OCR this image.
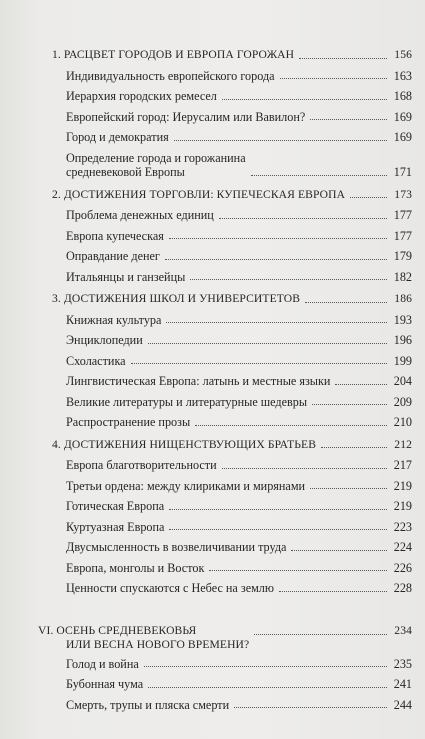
1. РАСЦВЕТ ГОРОДОВ И ЕВРОПА ГОРОЖАН	156
Индивидуальность европейского города	163
Иерархия городских ремесел	168
Европейский город: Иерусалим или Вавилон?	169
Город и демократия	169
Определение города и горожанина
средневековой Европы	171
2. ДОСТИЖЕНИЯ ТОРГОВЛИ: КУПЕЧЕСКАЯ ЕВРОПА	173
Проблема денежных единиц	177
Европа купеческая	177
Оправдание денег	179
Итальянцы и ганзейцы	182
3. ДОСТИЖЕНИЯ ШКОЛ И УНИВЕРСИТЕТОВ	186
Книжная культура	193
Энциклопедии	196
Схоластика	199
Лингвистическая Европа: латынь и местные языки	204
Великие литературы и литературные шедевры	209
Распространение прозы	210
4. ДОСТИЖЕНИЯ НИЩЕНСТВУЮЩИХ БРАТЬЕВ	212
Европа благотворительности	217
Третьи ордена: между клириками и мирянами	219
Готическая Европа	219
Куртуазная Европа	223
Двусмысленность в возвеличивании труда	224
Европа, монголы и Восток	226
Ценности спускаются с Небес на землю	228
VI. ОСЕНЬ СРЕДНЕВЕКОВЬЯ
ИЛИ ВЕСНА НОВОГО ВРЕМЕНИ?
234
Голод и война	235
Бубонная чума	241
Смерть, трупы и пляска смерти	244
